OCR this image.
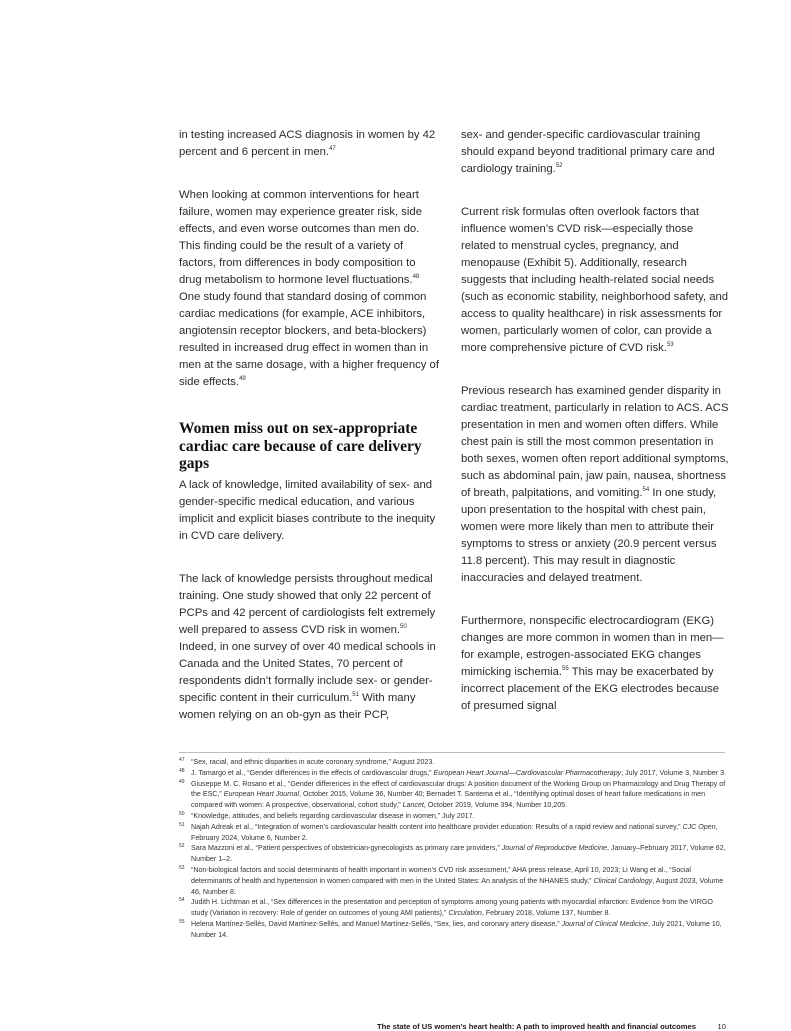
in testing increased ACS diagnosis in women by 42 percent and 6 percent in men.$^{47}$

When looking at common interventions for heart failure, women may experience greater risk, side effects, and even worse outcomes than men do. This finding could be the result of a variety of factors, from differences in body composition to drug metabolism to hormone level fluctuations.$^{48}$ One study found that standard dosing of common cardiac medications (for example, ACE inhibitors, angiotensin receptor blockers, and beta-blockers) resulted in increased drug effect in women than in men at the same dosage, with a higher frequency of side effects.$^{49}$

Women miss out on sex-appropriate cardiac care because of care delivery gaps

A lack of knowledge, limited availability of sex- and gender-specific medical education, and various implicit and explicit biases contribute to the inequity in CVD care delivery.

The lack of knowledge persists throughout medical training. One study showed that only 22 percent of PCPs and 42 percent of cardiologists felt extremely well prepared to assess CVD risk in women.$^{50}$ Indeed, in one survey of over 40 medical schools in Canada and the United States, 70 percent of respondents didn’t formally include sex- or gender-specific content in their curriculum.$^{51}$ With many women relying on an ob-gyn as their PCP,

sex- and gender-specific cardiovascular training should expand beyond traditional primary care and cardiology training.$^{52}$

Current risk formulas often overlook factors that influence women’s CVD risk—especially those related to menstrual cycles, pregnancy, and menopause (Exhibit 5). Additionally, research suggests that including health-related social needs (such as economic stability, neighborhood safety, and access to quality healthcare) in risk assessments for women, particularly women of color, can provide a more comprehensive picture of CVD risk.$^{53}$

Previous research has examined gender disparity in cardiac treatment, particularly in relation to ACS. ACS presentation in men and women often differs. While chest pain is still the most common presentation in both sexes, women often report additional symptoms, such as abdominal pain, jaw pain, nausea, shortness of breath, palpitations, and vomiting.$^{54}$ In one study, upon presentation to the hospital with chest pain, women were more likely than men to attribute their symptoms to stress or anxiety (20.9 percent versus 11.8 percent). This may result in diagnostic inaccuracies and delayed treatment.

Furthermore, nonspecific electrocardiogram (EKG) changes are more common in women than in men—for example, estrogen-associated EKG changes mimicking ischemia.$^{55}$ This may be exacerbated by incorrect placement of the EKG electrodes because of presumed signal

47 “Sex, racial, and ethnic disparities in acute coronary syndrome,” August 2023.
48 J. Tamargo et al., “Gender differences in the effects of cardiovascular drugs,” European Heart Journal—Cardiovascular Pharmacotherapy, July 2017, Volume 3, Number 3.
49 Giuseppe M. C. Rosano et al., “Gender differences in the effect of cardiovascular drugs: A position document of the Working Group on Pharmacology and Drug Therapy of the ESC,” European Heart Journal, October 2015, Volume 36, Number 40; Bernadet T. Santema et al., “Identifying optimal doses of heart failure medications in men compared with women: A prospective, observational, cohort study,” Lancet, October 2019, Volume 394, Number 10,205.
50 “Knowledge, attitudes, and beliefs regarding cardiovascular disease in women,” July 2017.
51 Najah Adreak et al., “Integration of women’s cardiovascular health content into healthcare provider education: Results of a rapid review and national survey,” CJC Open, February 2024, Volume 6, Number 2.
52 Sara Mazzoni et al., “Patient perspectives of obstetrician-gynecologists as primary care providers,” Journal of Reproductive Medicine, January–February 2017, Volume 62, Number 1–2.
53 “Non-biological factors and social determinants of health important in women’s CVD risk assessment,” AHA press release, April 10, 2023; Li Wang et al., “Social determinants of health and hypertension in women compared with men in the United States: An analysis of the NHANES study,” Clinical Cardiology, August 2023, Volume 46, Number 8.
54 Judith H. Lichtman et al., “Sex differences in the presentation and perception of symptoms among young patients with myocardial infarction: Evidence from the VIRGO study (Variation in recovery: Role of gender on outcomes of young AMI patients),” Circulation, February 2018, Volume 137, Number 8.
55 Helena Martínez-Sellés, David Martínez-Sellés, and Manuel Martínez-Sellés, “Sex, lies, and coronary artery disease,” Journal of Clinical Medicine, July 2021, Volume 10, Number 14.
The state of US women’s heart health: A path to improved health and financial outcomes	10
